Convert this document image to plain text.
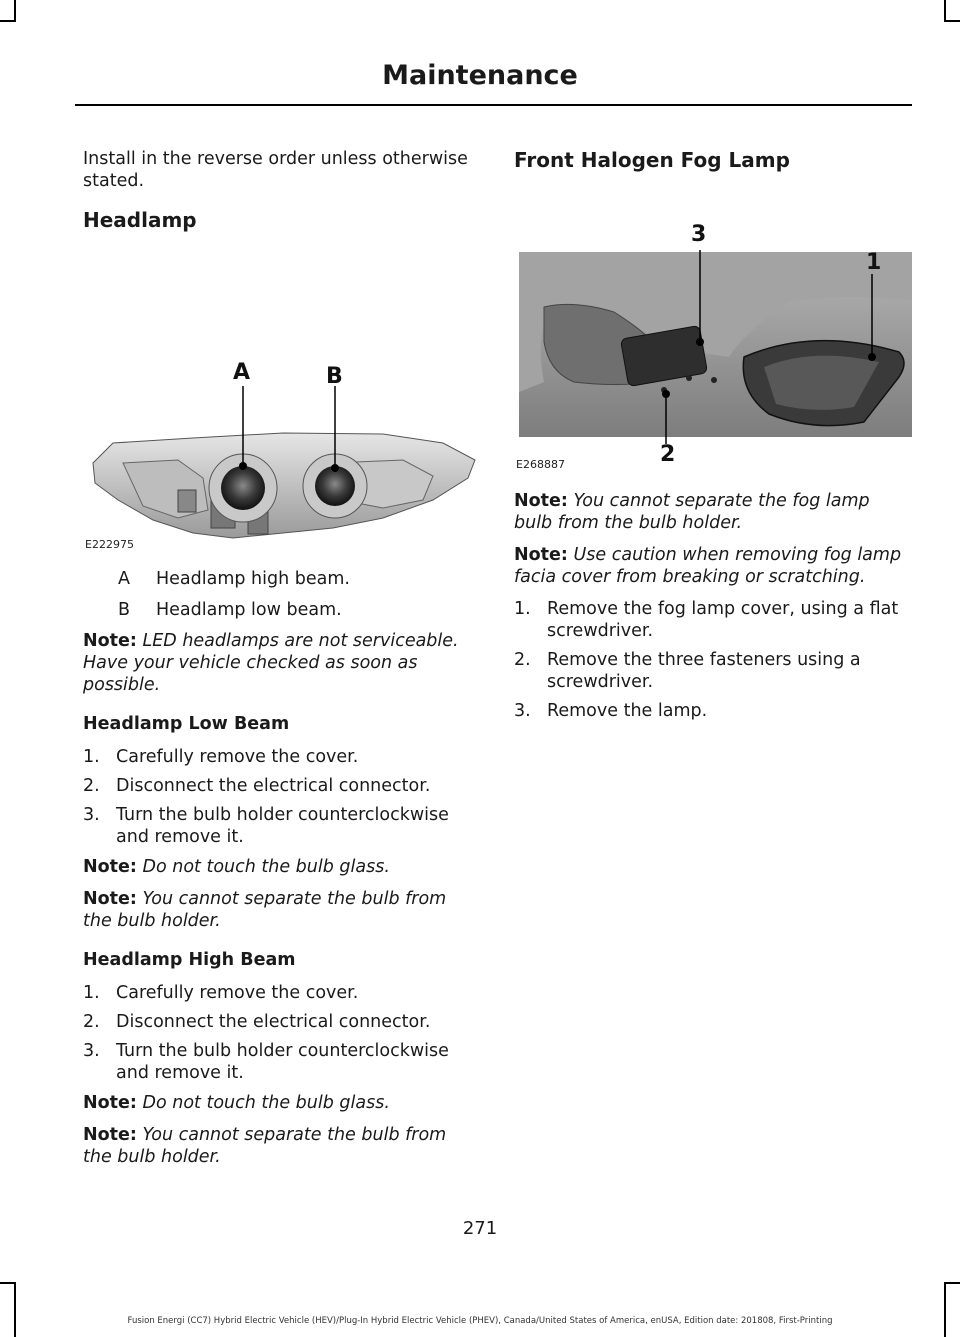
Maintenance

Install in the reverse order unless otherwise stated.

Headlamp
A	B
E222975
A	Headlamp high beam.
B	Headlamp low beam.

Note: LED headlamps are not serviceable. Have your vehicle checked as soon as possible.

Headlamp Low Beam
1. Carefully remove the cover.
2. Disconnect the electrical connector.
3. Turn the bulb holder counterclockwise and remove it.

Note: Do not touch the bulb glass.

Note: You cannot separate the bulb from the bulb holder.

Headlamp High Beam
1. Carefully remove the cover.
2. Disconnect the electrical connector.
3. Turn the bulb holder counterclockwise and remove it.

Note: Do not touch the bulb glass.

Note: You cannot separate the bulb from the bulb holder.

Front Halogen Fog Lamp
3
1
2
E268887

Note: You cannot separate the fog lamp bulb from the bulb holder.

Note: Use caution when removing fog lamp facia cover from breaking or scratching.

1. Remove the fog lamp cover, using a flat screwdriver.
2. Remove the three fasteners using a screwdriver.
3. Remove the lamp.
271
Fusion Energi (CC7) Hybrid Electric Vehicle (HEV)/Plug-In Hybrid Electric Vehicle (PHEV), Canada/United States of America, enUSA, Edition date: 201808, First-Printing
